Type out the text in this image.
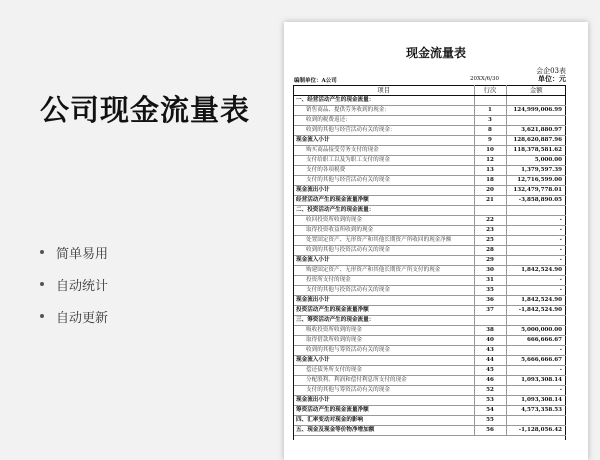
公司现金流量表
简单易用
自动统计
自动更新
现金流量表
会企03表
编制单位：A公司	20XX/6/30	单位：元
项目	行次	金额
一、经营活动产生的现金流量：		
销售商品、提供劳务收到的现金：	1	124,999,006.99
收到的税费返还：	3	
收到的其他与经营活动有关的现金：	8	3,621,880.97
现金流入小计	9	128,620,887.96
购买商品接受劳务支付的现金	10	118,378,581.62
支付给职工以及为职工支付的现金	12	5,000.00
支付的各项税费	13	1,379,597.39
支付的其他与经营活动有关的现金	18	12,716,599.00
现金流出小计	20	132,479,778.01
经营活动产生的现金流量净额	21	-3,858,890.05
二、投资活动产生的现金流量：		
收回投资所收到的现金	22	-
取得投资收益所收到的现金	23	-
处置固定资产、无形资产和其他长期资产所收回的现金净额	25	-
收到的其他与投资活动有关的现金	28	-
现金流入小计	29	-
购建固定资产、无形资产和其他长期资产所支付的现金	30	1,842,524.90
投资所支付的现金	31	-
支付的其他与投资活动有关的现金	35	-
现金流出小计	36	1,842,524.90
投资活动产生的现金流量净额	37	-1,842,524.90
三、筹资活动产生的现金流量：		
吸收投资所收到的现金	38	5,000,000.00
取得借款所收到的现金	40	666,666.67
收到的其他与筹资活动有关的现金	43	-
现金流入小计	44	5,666,666.67
偿还债务所支付的现金	45	-
分配股利、利润和偿付利息所支付的现金	46	1,093,308.14
支付的其他与筹资活动有关的现金	52	-
现金流出小计	53	1,093,308.14
筹资活动产生的现金流量净额	54	4,573,358.53
四、汇率变动对现金的影响	55	
五、现金及现金等价物净增加额	56	-1,128,056.42
